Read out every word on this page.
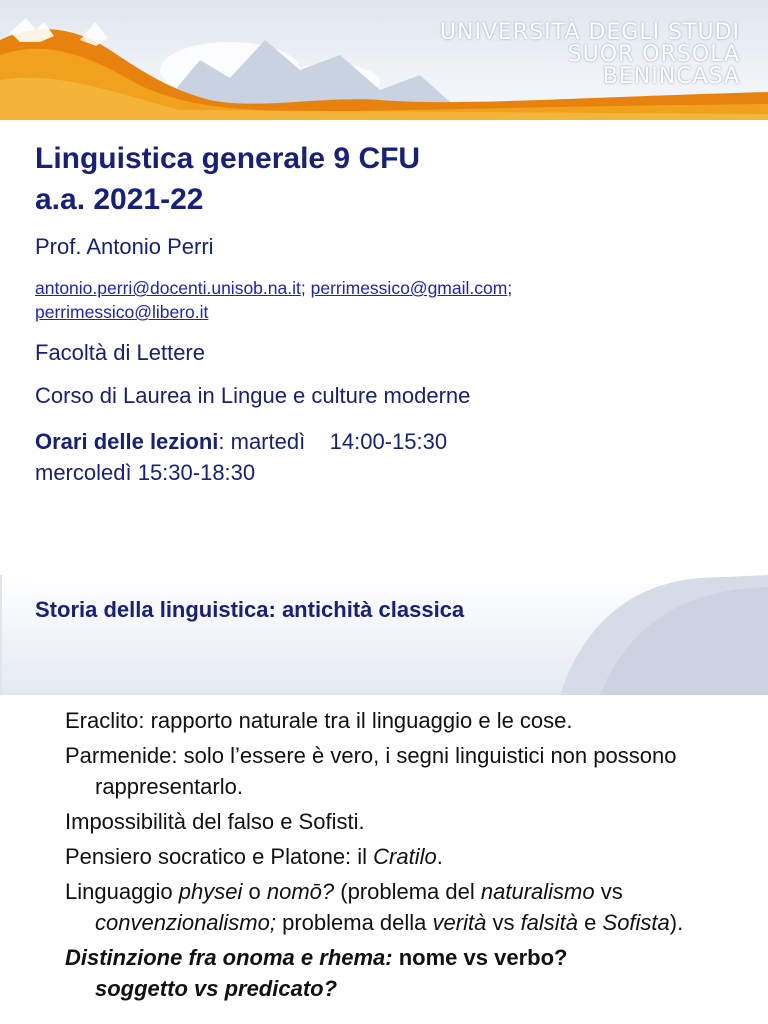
UNIVERSITÀ DEGLI STUDI
SUOR ORSOLA
BENINCASA
Linguistica generale 9 CFU
a.a. 2021-22
Prof. Antonio Perri
antonio.perri@docenti.unisob.na.it; perrimessico@gmail.com;
perrimessico@libero.it
Facoltà di Lettere
Corso di Laurea in Lingue e culture moderne
Orari delle lezioni: martedì    14:00-15:30
mercoledì 15:30-18:30
Storia della linguistica: antichità classica
Eraclito: rapporto naturale tra il linguaggio e le cose.
Parmenide: solo l’essere è vero, i segni linguistici non possono rappresentarlo.
Impossibilità del falso e Sofisti.
Pensiero socratico e Platone: il Cratilo.
Linguaggio physei o nomō? (problema del naturalismo vs convenzionalismo; problema della verità vs falsità e Sofista).
Distinzione fra onoma e rhema: nome vs verbo?
soggetto vs predicato?
